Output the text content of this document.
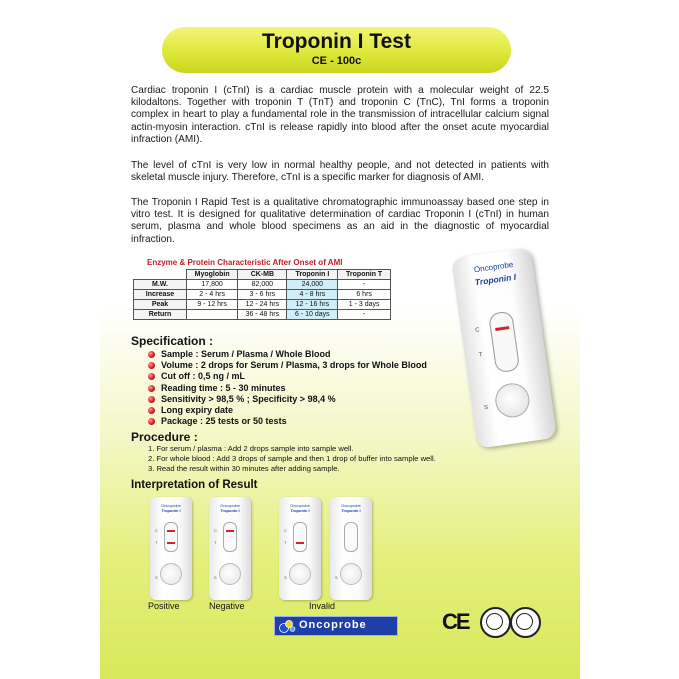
Troponin I Test
CE - 100c

Cardiac troponin I (cTnI) is a cardiac muscle protein with a molecular weight of 22.5 kilodaltons. Together with troponin T (TnT) and troponin C (TnC), TnI forms a troponin complex in heart to play a fundamental role in the transmission of intracellular calcium signal actin-myosin interaction. cTnI is release rapidly into blood after the onset acute myocardial infraction (AMI).

The level of cTnI is very low in normal healthy people, and not detected in patients with skeletal muscle injury. Therefore, cTnI is a specific marker for diagnosis of AMI.

The Troponin I Rapid Test is a qualitative chromatographic immunoassay based one step in vitro test. It is designed for qualitative determination of cardiac Troponin I (cTnI) in human serum, plasma and whole blood specimens as an aid in the diagnostic of myocardial infraction.

Enzyme & Protein Characteristic After Onset of AMI
	Myoglobin	CK-MB	Troponin I	Troponin T
M.W.	17,800	82,000	24,000	-
Increase	2 - 4 hrs	3 - 6 hrs	4 - 8 hrs	6 hrs
Peak	9 - 12 hrs	12 - 24 hrs	12 - 16 hrs	1 - 3 days
Return		36 - 48 hrs	6 - 10 days	-
Oncoprobe
Troponin I
C
T
S
Specification :
Sample : Serum / Plasma / Whole Blood
Volume : 2 drops for Serum / Plasma, 3 drops for Whole Blood
Cut off : 0,5 ng / mL
Reading time : 5 - 30 minutes
Sensitivity > 98,5 % ; Specificity > 98,4 %
Long expiry date
Package : 25 tests or 50 tests
Procedure :
1. For serum / plasma : Add 2 drops sample into sample well.
2. For whole blood : Add 3 drops of sample and then 1 drop of buffer into sample well.
3. Read the result within 30 minutes after adding sample.
Interpretation of Result
Oncoprobe
Troponin I
C
T
S
Oncoprobe
Troponin I
C
T
S
Oncoprobe
Troponin I
C
T
S
Oncoprobe
Troponin I
S
Positive	Negative	Invalid
Oncoprobe	CE
